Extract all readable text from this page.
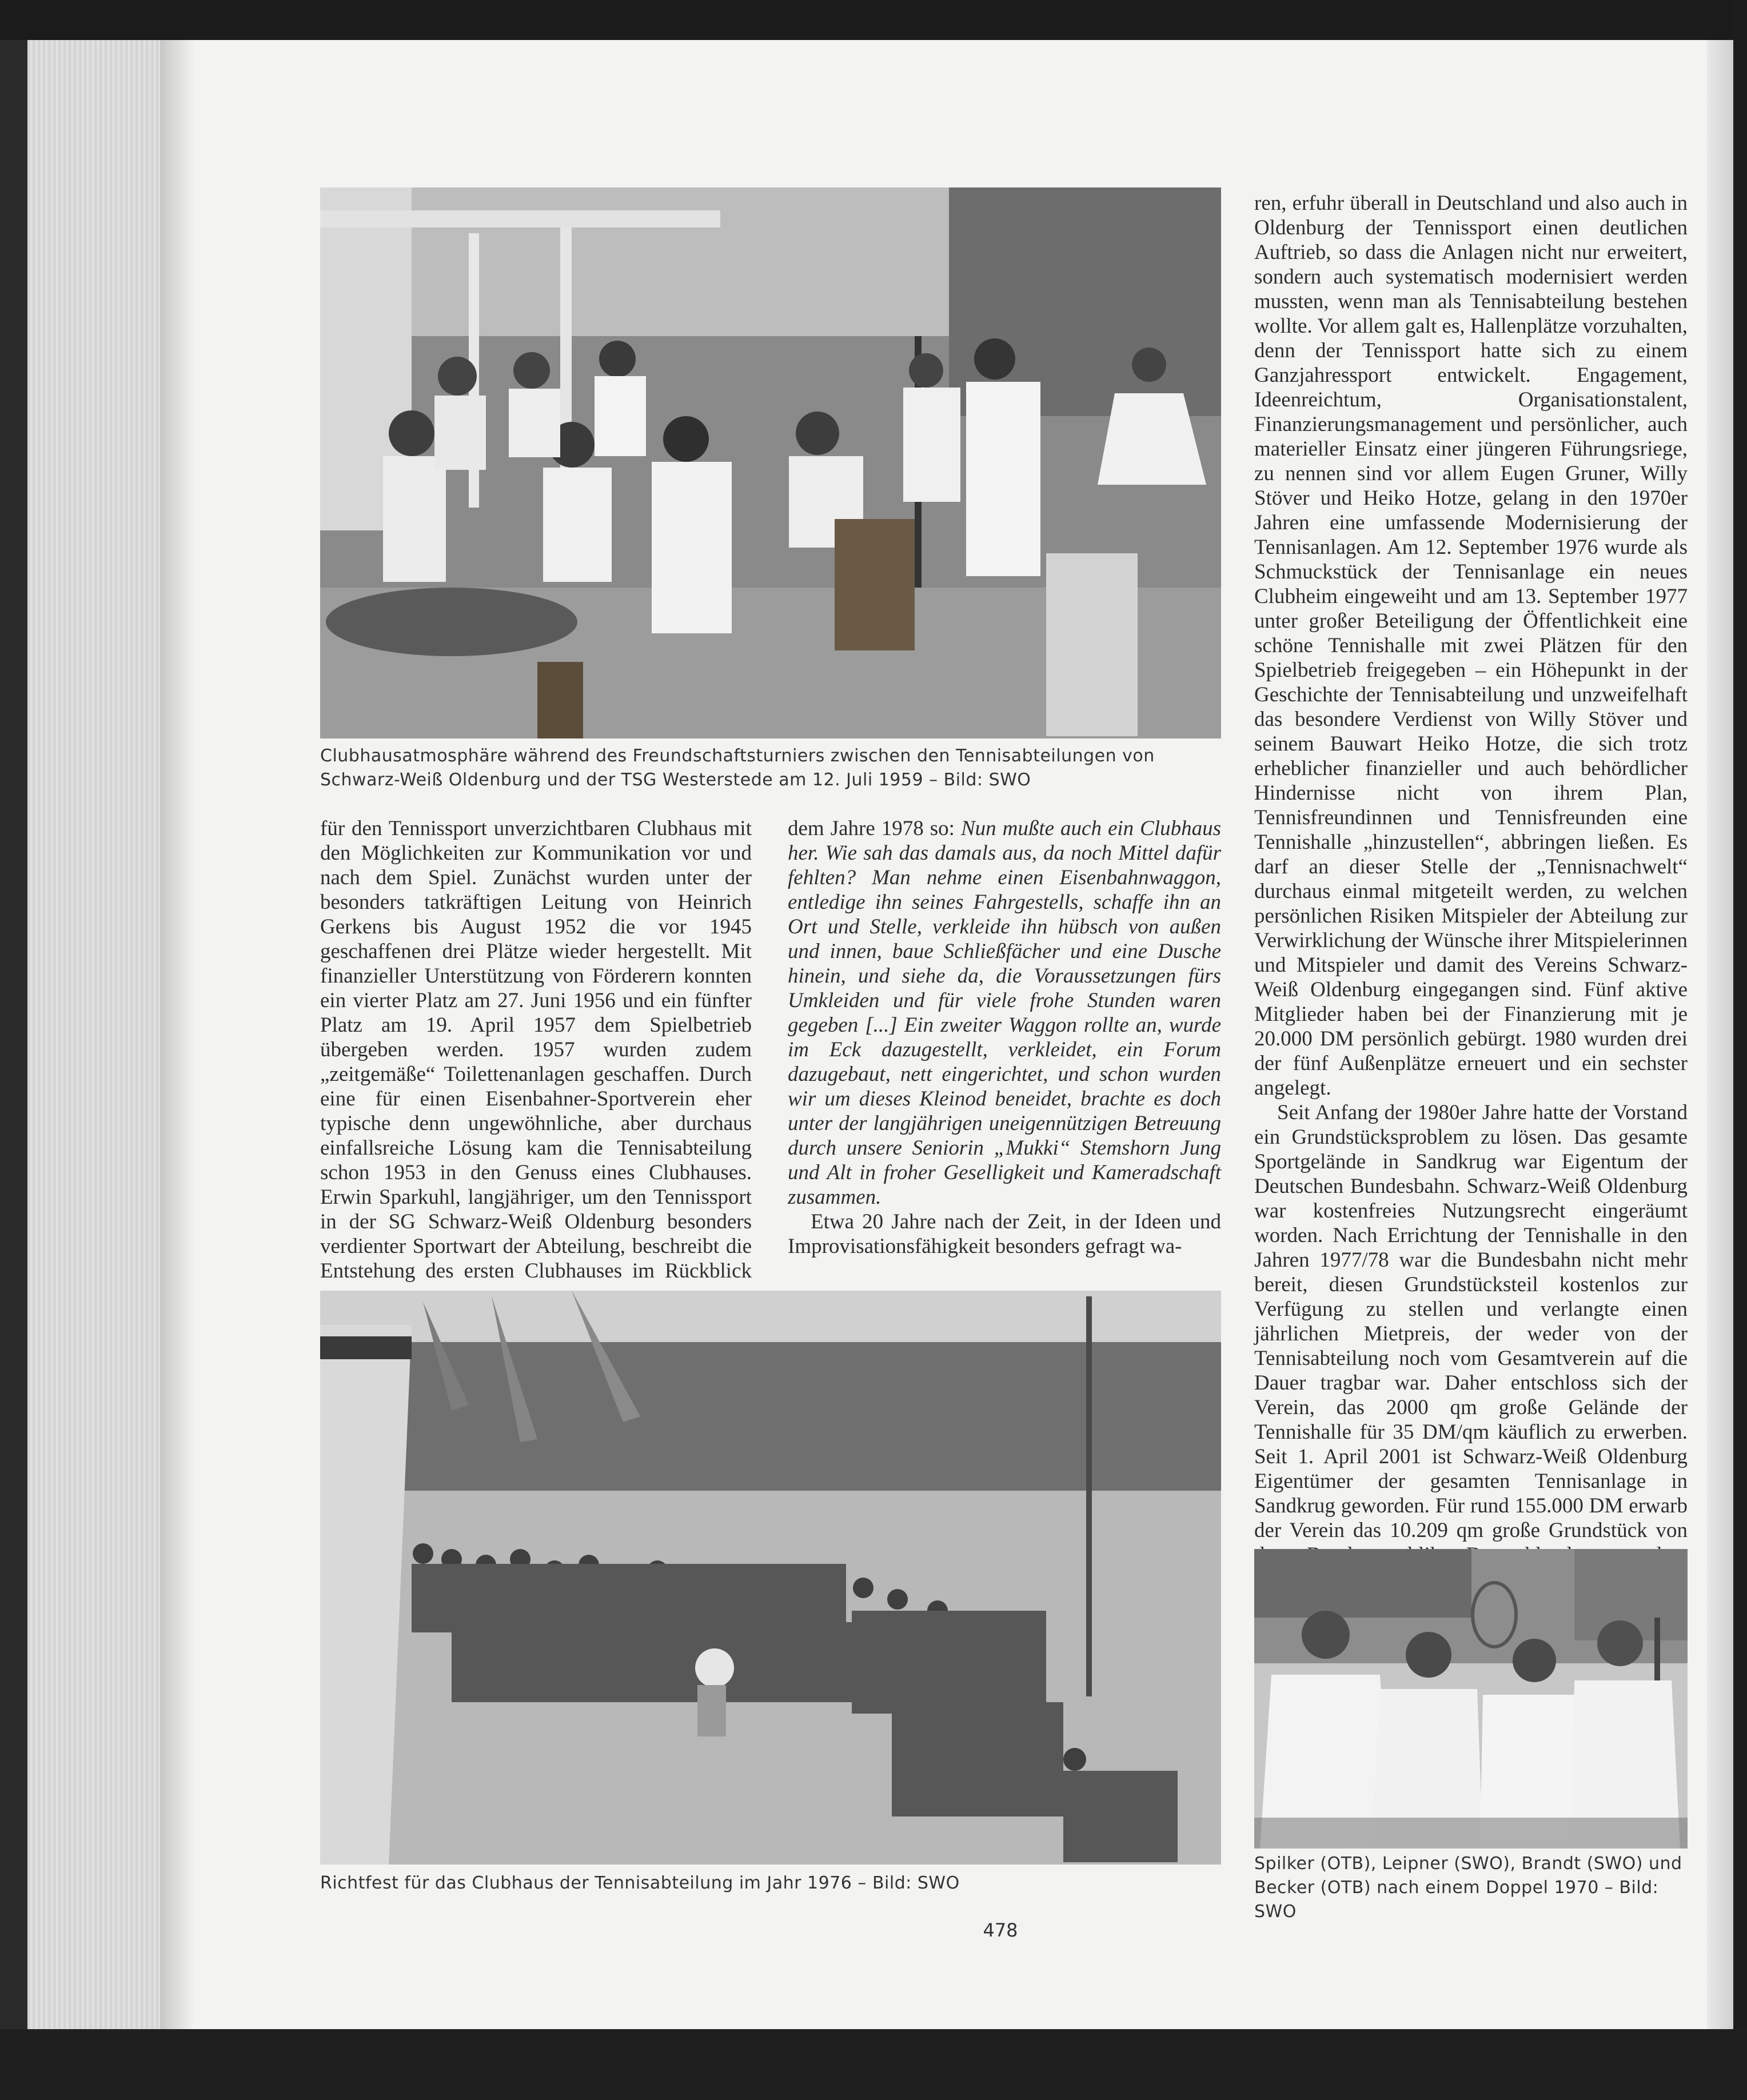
Clubhausatmosphäre während des Freundschaftsturniers zwischen den Tennisabteilungen von Schwarz-Weiß Oldenburg und der TSG Westerstede am 12. Juli 1959 – Bild: SWO

für den Tennissport unverzichtbaren Clubhaus mit den Möglichkeiten zur Kommunikation vor und nach dem Spiel. Zunächst wurden unter der besonders tatkräftigen Leitung von Heinrich Gerkens bis August 1952 die vor 1945 geschaffenen drei Plätze wieder hergestellt. Mit finanzieller Unterstützung von Förderern konnten ein vierter Platz am 27. Juni 1956 und ein fünfter Platz am 19. April 1957 dem Spielbetrieb übergeben werden. 1957 wurden zudem „zeitgemäße“ Toilettenanlagen geschaffen. Durch eine für einen Eisenbahner-Sportverein eher typische denn ungewöhnliche, aber durchaus einfallsreiche Lösung kam die Tennisabteilung schon 1953 in den Genuss eines Clubhauses. Erwin Sparkuhl, langjähriger, um den Tennissport in der SG Schwarz-Weiß Oldenburg besonders verdienter Sportwart der Abteilung, beschreibt die Entstehung des ersten Clubhauses im Rückblick

dem Jahre 1978 so: Nun mußte auch ein Clubhaus her. Wie sah das damals aus, da noch Mittel dafür fehlten? Man nehme einen Eisenbahnwaggon, entledige ihn seines Fahrgestells, schaffe ihn an Ort und Stelle, verkleide ihn hübsch von außen und innen, baue Schließfächer und eine Dusche hinein, und siehe da, die Voraussetzungen fürs Umkleiden und für viele frohe Stunden waren gegeben [...] Ein zweiter Waggon rollte an, wurde im Eck dazugestellt, verkleidet, ein Forum dazugebaut, nett eingerichtet, und schon wurden wir um dieses Kleinod beneidet, brachte es doch unter der langjährigen uneigennützigen Betreuung durch unsere Seniorin „Mukki“ Stemshorn Jung und Alt in froher Geselligkeit und Kameradschaft zusammen.

Etwa 20 Jahre nach der Zeit, in der Ideen und Improvisationsfähigkeit besonders gefragt wa-

ren, erfuhr überall in Deutschland und also auch in Oldenburg der Tennissport einen deutlichen Auftrieb, so dass die Anlagen nicht nur erweitert, sondern auch systematisch modernisiert werden mussten, wenn man als Tennisabteilung bestehen wollte. Vor allem galt es, Hallenplätze vorzuhalten, denn der Tennissport hatte sich zu einem Ganzjahressport entwickelt. Engagement, Ideenreichtum, Organisationstalent, Finanzierungsmanagement und persönlicher, auch materieller Einsatz einer jüngeren Führungsriege, zu nennen sind vor allem Eugen Gruner, Willy Stöver und Heiko Hotze, gelang in den 1970er Jahren eine umfassende Modernisierung der Tennisanlagen. Am 12. September 1976 wurde als Schmuckstück der Tennisanlage ein neues Clubheim eingeweiht und am 13. September 1977 unter großer Beteiligung der Öffentlichkeit eine schöne Tennishalle mit zwei Plätzen für den Spielbetrieb freigegeben – ein Höhepunkt in der Geschichte der Tennisabteilung und unzweifelhaft das besondere Verdienst von Willy Stöver und seinem Bauwart Heiko Hotze, die sich trotz erheblicher finanzieller und auch behördlicher Hindernisse nicht von ihrem Plan, Tennisfreundinnen und Tennisfreunden eine Tennishalle „hinzustellen“, abbringen ließen. Es darf an dieser Stelle der „Tennisnachwelt“ durchaus einmal mitgeteilt werden, zu welchen persönlichen Risiken Mitspieler der Abteilung zur Verwirklichung der Wünsche ihrer Mitspielerinnen und Mitspieler und damit des Vereins Schwarz-Weiß Oldenburg eingegangen sind. Fünf aktive Mitglieder haben bei der Finanzierung mit je 20.000 DM persönlich gebürgt. 1980 wurden drei der fünf Außenplätze erneuert und ein sechster angelegt.

Seit Anfang der 1980er Jahre hatte der Vorstand ein Grundstücksproblem zu lösen. Das gesamte Sportgelände in Sandkrug war Eigentum der Deutschen Bundesbahn. Schwarz-Weiß Oldenburg war kostenfreies Nutzungsrecht eingeräumt worden. Nach Errichtung der Tennishalle in den Jahren 1977/78 war die Bundesbahn nicht mehr bereit, diesen Grundstücksteil kostenlos zur Verfügung zu stellen und verlangte einen jährlichen Mietpreis, der weder von der Tennisabteilung noch vom Gesamtverein auf die Dauer tragbar war. Daher entschloss sich der Verein, das 2000 qm große Gelände der Tennishalle für 35 DM/qm käuflich zu erwerben. Seit 1. April 2001 ist Schwarz-Weiß Oldenburg Eigentümer der gesamten Tennisanlage in Sandkrug geworden. Für rund 155.000 DM erwarb der Verein das 10.209 qm große Grundstück von

Richtfest für das Clubhaus der Tennisabteilung im Jahr 1976 – Bild: SWO
Spilker (OTB), Leipner (SWO), Brandt (SWO) und Becker (OTB) nach einem Doppel 1970 – Bild: SWO
478
